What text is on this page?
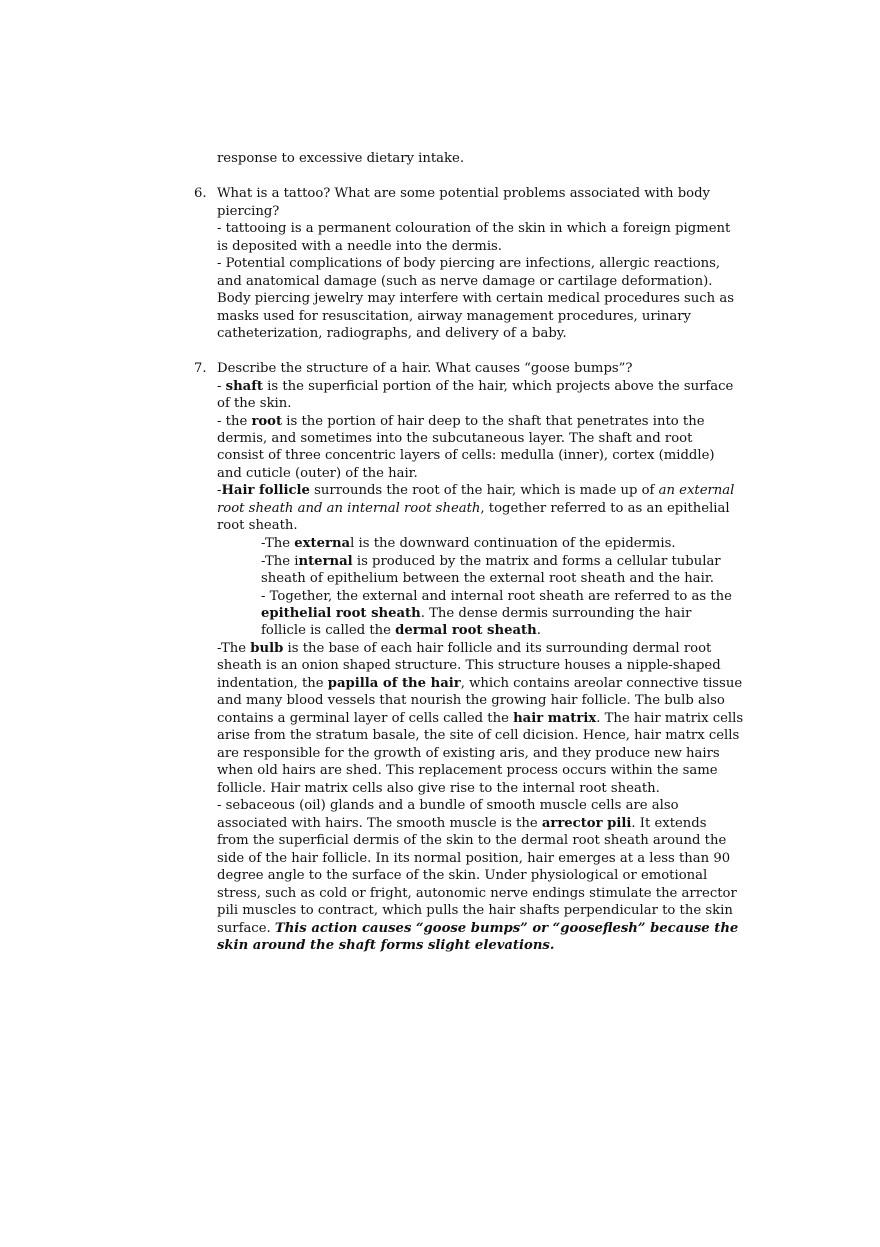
response to excessive dietary intake.
6. What is a tattoo? What are some potential problems associated with body
piercing?
- tattooing is a permanent colouration of the skin in which a foreign pigment
is deposited with a needle into the dermis.
- Potential complications of body piercing are infections, allergic reactions,
and anatomical damage (such as nerve damage or cartilage deformation).
Body piercing jewelry may interfere with certain medical procedures such as
masks used for resuscitation, airway management procedures, urinary
catheterization, radiographs, and delivery of a baby.
7. Describe the structure of a hair. What causes “goose bumps”?
- shaft is the superficial portion of the hair, which projects above the surface
of the skin.
- the root is the portion of hair deep to the shaft that penetrates into the
dermis, and sometimes into the subcutaneous layer. The shaft and root
consist of three concentric layers of cells: medulla (inner), cortex (middle)
and cuticle (outer) of the hair.
-Hair follicle surrounds the root of the hair, which is made up of an external
root sheath and an internal root sheath, together referred to as an epithelial
root sheath.
-The external is the downward continuation of the epidermis.
-The internal is produced by the matrix and forms a cellular tubular
sheath of epithelium between the external root sheath and the hair.
- Together, the external and internal root sheath are referred to as the
epithelial root sheath. The dense dermis surrounding the hair
follicle is called the dermal root sheath.
-The bulb is the base of each hair follicle and its surrounding dermal root
sheath is an onion shaped structure. This structure houses a nipple-shaped
indentation, the papilla of the hair, which contains areolar connective tissue
and many blood vessels that nourish the growing hair follicle. The bulb also
contains a germinal layer of cells called the hair matrix. The hair matrix cells
arise from the stratum basale, the site of cell dicision. Hence, hair matrx cells
are responsible for the growth of existing aris, and they produce new hairs
when old hairs are shed. This replacement process occurs within the same
follicle. Hair matrix cells also give rise to the internal root sheath.
- sebaceous (oil) glands and a bundle of smooth muscle cells are also
associated with hairs. The smooth muscle is the arrector pili. It extends
from the superficial dermis of the skin to the dermal root sheath around the
side of the hair follicle. In its normal position, hair emerges at a less than 90
degree angle to the surface of the skin. Under physiological or emotional
stress, such as cold or fright, autonomic nerve endings stimulate the arrector
pili muscles to contract, which pulls the hair shafts perpendicular to the skin
surface. This action causes “goose bumps” or “gooseflesh” because the
skin around the shaft forms slight elevations.
